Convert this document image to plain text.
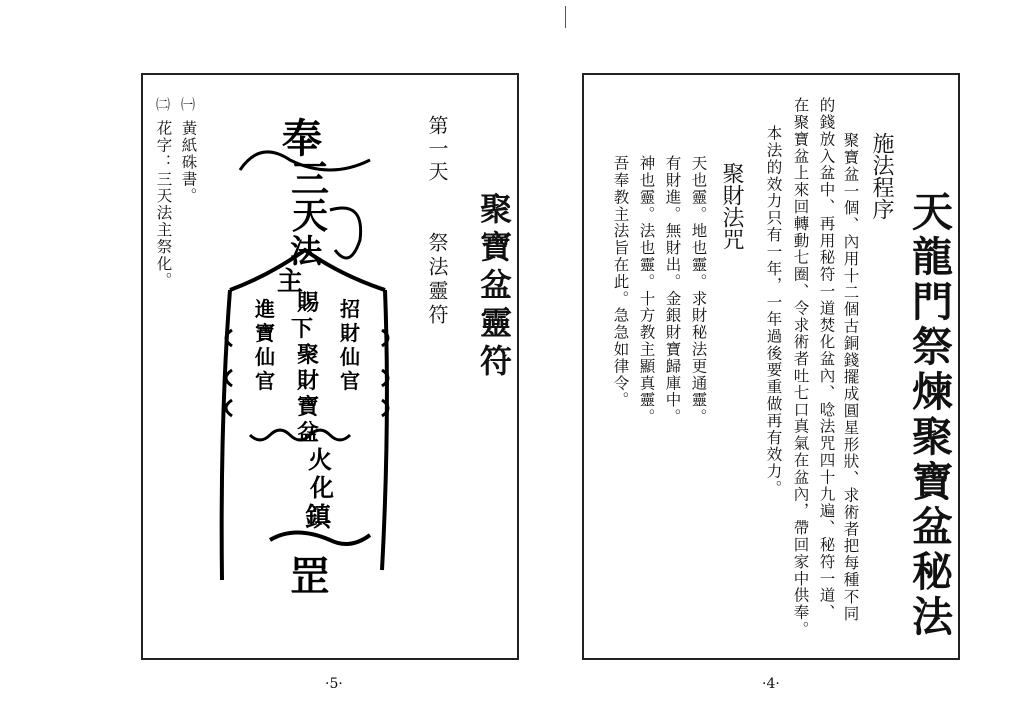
聚寶盆靈符
第一天
祭法靈符
奉
三
天
法
主
賜
下
聚
財
寶
盆
招
財
仙
官
進
寶
仙
官
火
化
鎮
罡
㈠
黃紙硃書。
㈡
花字：三天法主祭化。
·5·
天龍門祭煉聚寶盆秘法
施法程序
聚寶盆一個、內用十二個古銅錢擺成圓星形狀、求術者把每種不同
的錢放入盆中、再用秘符一道焚化盆內、唸法咒四十九遍、秘符一道、
在聚寶盆上來回轉動七圈、令求術者吐七口真氣在盆內，帶回家中供奉。
本法的效力只有一年，一年過後要重做再有效力。
聚財法咒
天也靈。地也靈。求財秘法更通靈。
有財進。無財出。金銀財寶歸庫中。
神也靈。法也靈。十方教主顯真靈。
吾奉教主法旨在此。急急如律令。
·4·
